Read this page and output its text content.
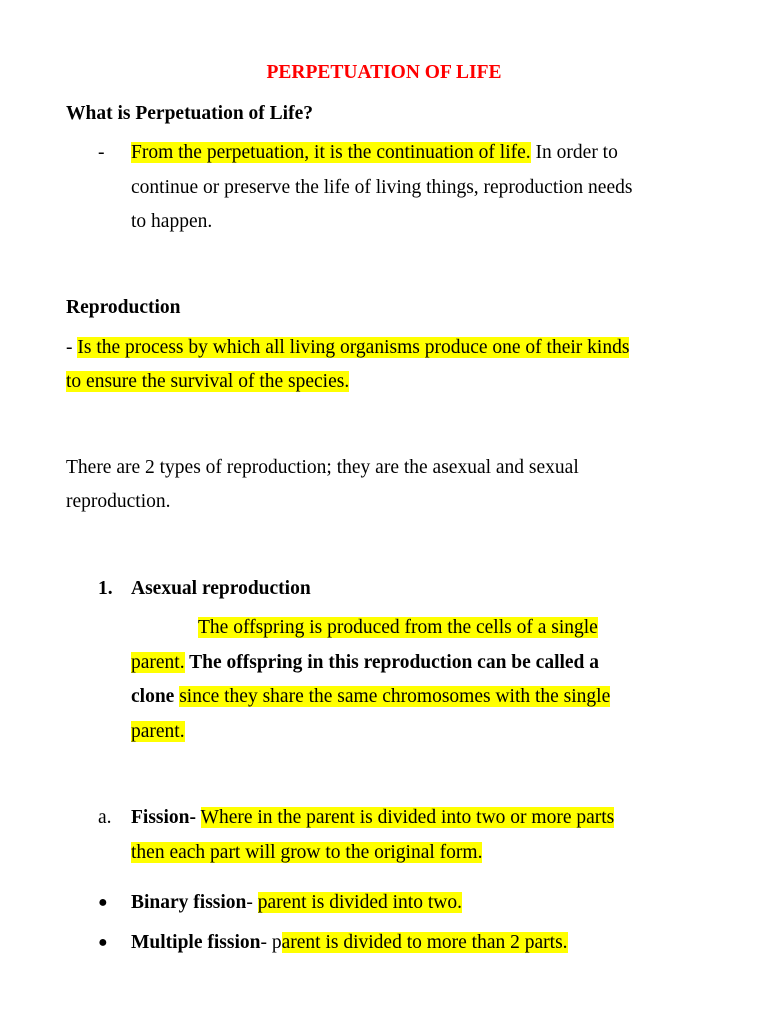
PERPETUATION OF LIFE
What is Perpetuation of Life?
- From the perpetuation, it is the continuation of life. In order to
continue or preserve the life of living things, reproduction needs
to happen.
Reproduction
- Is the process by which all living organisms produce one of their kinds
to ensure the survival of the species.
There are 2 types of reproduction; they are the asexual and sexual
reproduction.
1. Asexual reproduction
The offspring is produced from the cells of a single
parent. The offspring in this reproduction can be called a
clone since they share the same chromosomes with the single
parent.
a. Fission- Where in the parent is divided into two or more parts
then each part will grow to the original form.
● Binary fission- parent is divided into two.
● Multiple fission- parent is divided to more than 2 parts.
